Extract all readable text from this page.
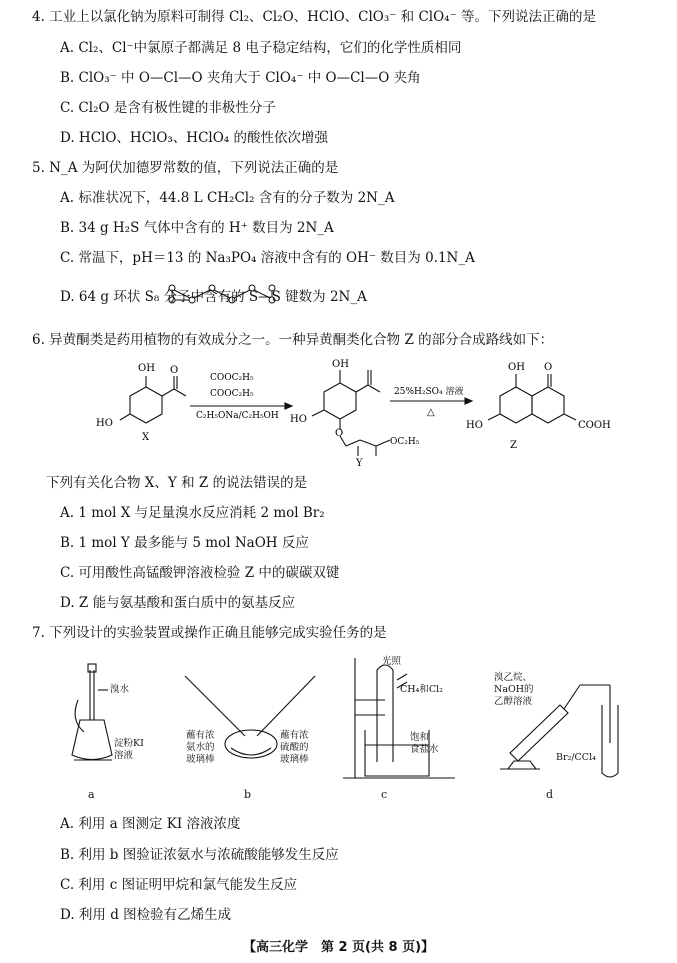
4. 工业上以氯化钠为原料可制得 Cl₂、Cl₂O、HClO、ClO₃⁻ 和 ClO₄⁻ 等。下列说法正确的是
A. Cl₂、Cl⁻中氯原子都满足 8 电子稳定结构，它们的化学性质相同
B. ClO₃⁻ 中 O—Cl—O 夹角大于 ClO₄⁻ 中 O—Cl—O 夹角
C. Cl₂O 是含有极性键的非极性分子
D. HClO、HClO₃、HClO₄ 的酸性依次增强
5. N_A 为阿伏加德罗常数的值，下列说法正确的是
A. 标准状况下，44.8 L CH₂Cl₂ 含有的分子数为 2N_A
B. 34 g H₂S 气体中含有的 H⁺ 数目为 2N_A
C. 常温下，pH＝13 的 Na₃PO₄ 溶液中含有的 OH⁻ 数目为 0.1N_A
D. 64 g 环状 S₈ 分子中含有的 S—S 键数为 2N_A
6. 异黄酮类是药用植物的有效成分之一。一种异黄酮类化合物 Z 的部分合成路线如下：
OH
HO
O
X
COOC₂H₅
COOC₂H₅
C₂H₅ONa/C₂H₅OH
OH
HO
O
OC₂H₅
Y
25%H₂SO₄ 溶液
△
OH O
HO	COOH
Z
下列有关化合物 X、Y 和 Z 的说法错误的是
A. 1 mol X 与足量溴水反应消耗 2 mol Br₂
B. 1 mol Y 最多能与 5 mol NaOH 反应
C. 可用酸性高锰酸钾溶液检验 Z 中的碳碳双键
D. Z 能与氨基酸和蛋白质中的氨基反应
7. 下列设计的实验装置或操作正确且能够完成实验任务的是
溴水
淀粉KI
溶液
a
蘸有浓
氨水的
玻璃棒
蘸有浓
硫酸的
玻璃棒
b
光照
CH₄和Cl₂
饱和
食盐水
c
溴乙烷、
NaOH的
乙醇溶液
Br₂/CCl₄
d
A. 利用 a 图测定 KI 溶液浓度
B. 利用 b 图验证浓氨水与浓硫酸能够发生反应
C. 利用 c 图证明甲烷和氯气能发生反应
D. 利用 d 图检验有乙烯生成
【高三化学　第 2 页(共 8 页)】
